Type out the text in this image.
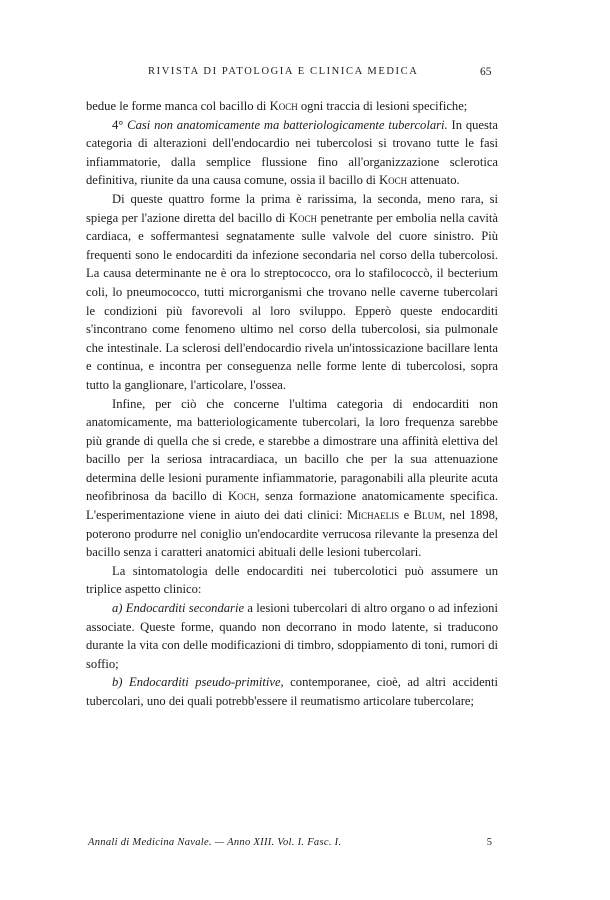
RIVISTA DI PATOLOGIA E CLINICA MEDICA	65

bedue le forme manca col bacillo di Koch ogni traccia di lesioni specifiche;

4° Casi non anatomicamente ma batteriologicamente tubercolari. In questa categoria di alterazioni dell'endocardio nei tubercolosi si trovano tutte le fasi infiammatorie, dalla semplice flussione fino all'organizzazione sclerotica definitiva, riunite da una causa comune, ossia il bacillo di Koch attenuato.

Di queste quattro forme la prima è rarissima, la seconda, meno rara, si spiega per l'azione diretta del bacillo di Koch penetrante per embolia nella cavità cardiaca, e soffermantesi segnatamente sulle valvole del cuore sinistro. Più frequenti sono le endocarditi da infezione secondaria nel corso della tubercolosi. La causa determinante ne è ora lo streptococco, ora lo stafilococcò, il becterium coli, lo pneumococco, tutti microrganismi che trovano nelle caverne tubercolari le condizioni più favorevoli al loro sviluppo. Epperò queste endocarditi s'incontrano come fenomeno ultimo nel corso della tubercolosi, sia pulmonale che intestinale. La sclerosi dell'endocardio rivela un'intossicazione bacillare lenta e continua, e incontra per conseguenza nelle forme lente di tubercolosi, sopra tutto la ganglionare, l'articolare, l'ossea.

Infine, per ciò che concerne l'ultima categoria di endocarditi non anatomicamente, ma batteriologicamente tubercolari, la loro frequenza sarebbe più grande di quella che si crede, e starebbe a dimostrare una affinità elettiva del bacillo per la seriosa intracardiaca, un bacillo che per la sua attenuazione determina delle lesioni puramente infiammatorie, paragonabili alla pleurite acuta neofibrinosa da bacillo di Koch, senza formazione anatomicamente specifica. L'esperimentazione viene in aiuto dei dati clinici: Michaelis e Blum, nel 1898, poterono produrre nel coniglio un'endocardite verrucosa rilevante la presenza del bacillo senza i caratteri anatomici abituali delle lesioni tubercolari.

La sintomatologia delle endocarditi nei tubercolotici può assumere un triplice aspetto clinico:

a) Endocarditi secondarie a lesioni tubercolari di altro organo o ad infezioni associate. Queste forme, quando non decorrano in modo latente, si traducono durante la vita con delle modificazioni di timbro, sdoppiamento di toni, rumori di soffio;

b) Endocarditi pseudo-primitive, contemporanee, cioè, ad altri accidenti tubercolari, uno dei quali potrebb'essere il reumatismo articolare tubercolare;

Annali di Medicina Navale. — Anno XIII. Vol. I. Fasc. I.	5
